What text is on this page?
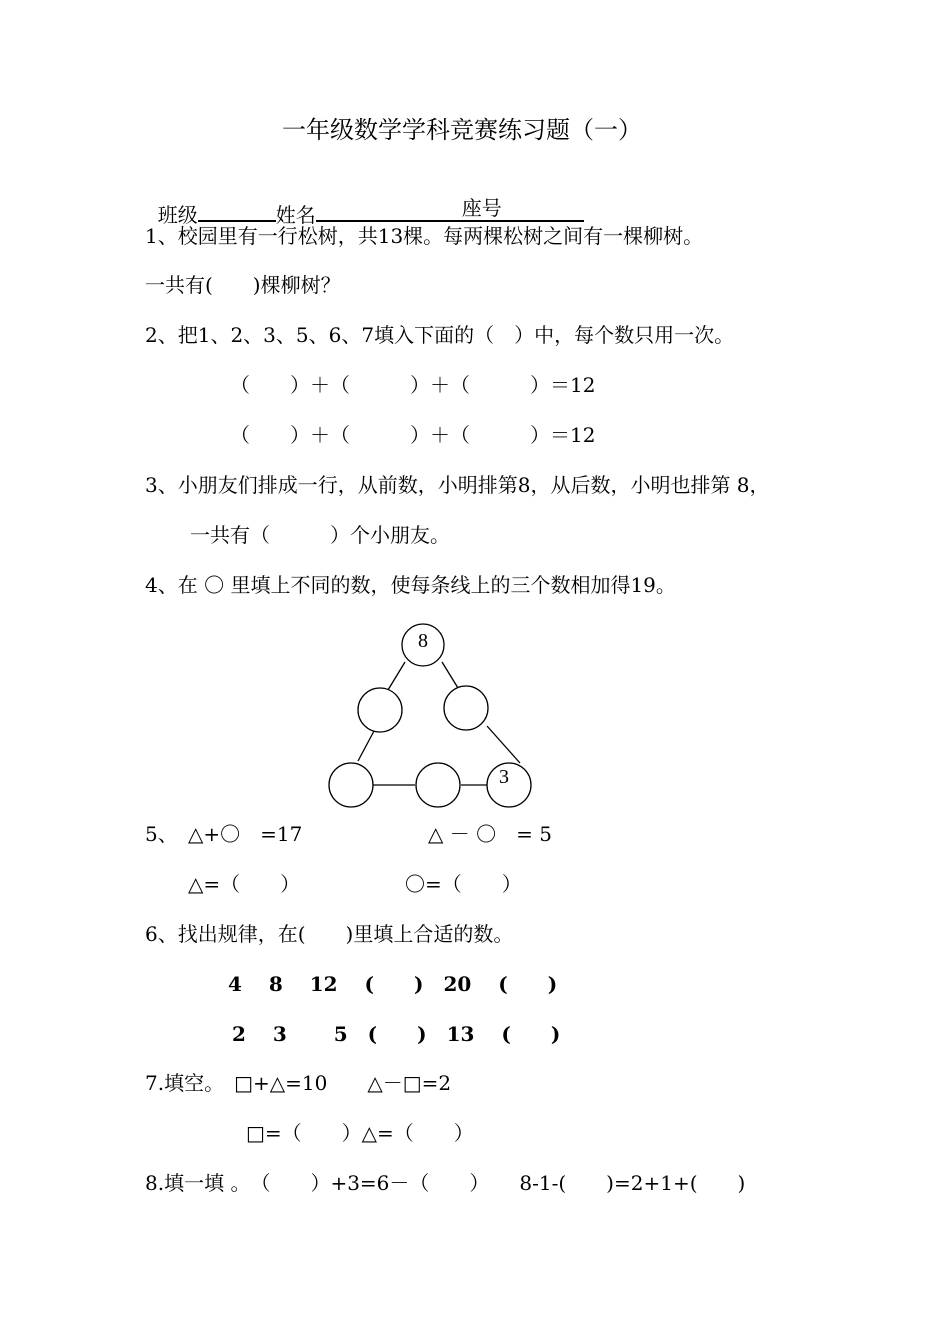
一年级数学学科竞赛练习题（一）

班级	姓名	座号

1、校园里有一行松树，共13棵。每两棵松树之间有一棵柳树。
一共有(　　)棵柳树？
2、把1、2、3、5、6、7填入下面的（　）中，每个数只用一次。
（　　）＋（　　　）＋（　　　）＝12
（　　）＋（　　　）＋（　　　）＝12
3、小朋友们排成一行，从前数，小明排第8，从后数，小明也排第 8，
一共有（　　　）个小朋友。
4、在 〇 里填上不同的数，使每条线上的三个数相加得19。
8
3
5、 △+〇　=17	△ － 〇　= 5
△=（　　）	〇=（　　）
6、找出规律，在(　　)里填上合适的数。
4　 8　 12　 (　　)　20　 (　　)
2　 3　　 5　(　　)　13　 (　　)
7.填空。　□+△=10　　△－□=2
□=（　　）△=（　　）
8.填一填 。　（　　）+3=6－（　　）　　8-1-(　　)=2+1+(　　)
